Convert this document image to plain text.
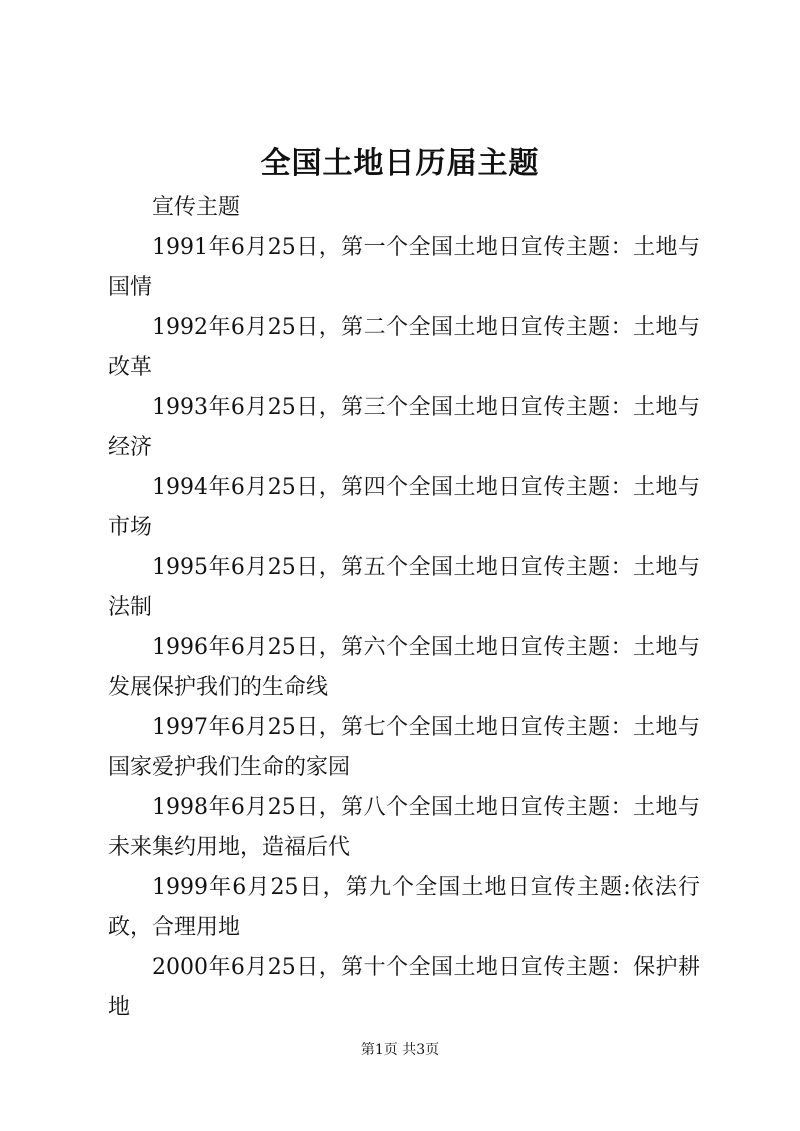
全国土地日历届主题

宣传主题

1991年6月25日，第一个全国土地日宣传主题：土地与国情

1992年6月25日，第二个全国土地日宣传主题：土地与改革

1993年6月25日，第三个全国土地日宣传主题：土地与经济

1994年6月25日，第四个全国土地日宣传主题：土地与市场

1995年6月25日，第五个全国土地日宣传主题：土地与法制

1996年6月25日，第六个全国土地日宣传主题：土地与发展保护我们的生命线

1997年6月25日，第七个全国土地日宣传主题：土地与国家爱护我们生命的家园

1998年6月25日，第八个全国土地日宣传主题：土地与未来集约用地，造福后代

1999年6月25日，第九个全国土地日宣传主题:依法行政，合理用地

2000年6月25日，第十个全国土地日宣传主题：保护耕地

第1页 共3页
